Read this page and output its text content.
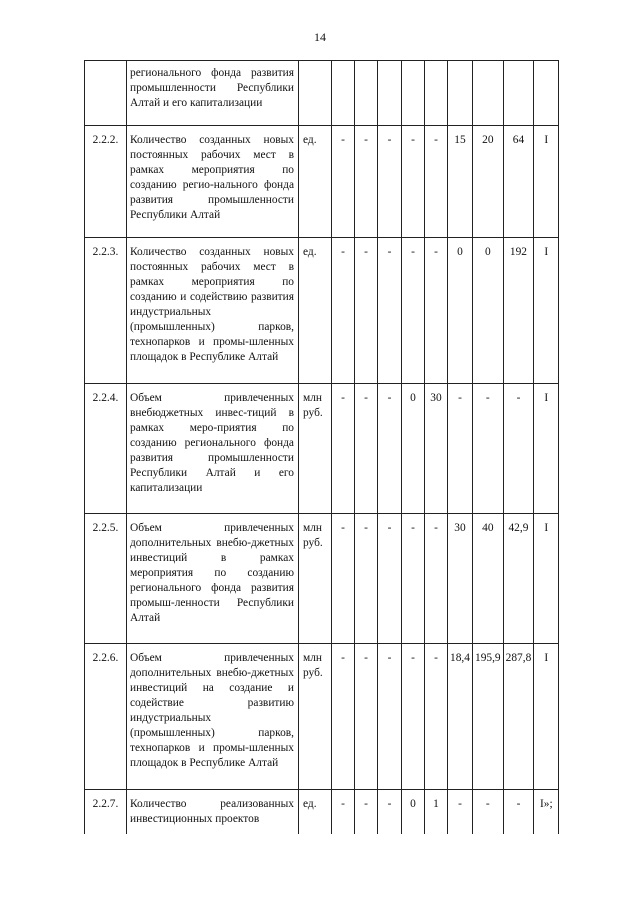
14
	регионального фонда развития промышленности Республики Алтай и его капитализации										
2.2.2.	Количество созданных новых постоянных рабочих мест в рамках мероприятия по созданию регио-нального фонда развития промышленности Республики Алтай	ед.	-	-	-	-	-	15	20	64	I
2.2.3.	Количество созданных новых постоянных рабочих мест в рамках мероприятия по созданию и содействию развития индустриальных (промышленных) парков, технопарков и промы-шленных площадок в Республике Алтай	ед.	-	-	-	-	-	0	0	192	I
2.2.4.	Объем привлеченных внебюджетных инвес-тиций в рамках меро-приятия по созданию регионального фонда развития промышленности Республики Алтай и его капитализации	млн руб.	-	-	-	0	30	-	-	-	I
2.2.5.	Объем привлеченных дополнительных внебю-джетных инвестиций в рамках мероприятия по созданию регионального фонда развития промыш-ленности Республики Алтай	млн руб.	-	-	-	-	-	30	40	42,9	I
2.2.6.	Объем привлеченных дополнительных внебю-джетных инвестиций на создание и содействие развитию индустриальных (промышленных) парков, технопарков и промы-шленных площадок в Республике Алтай	млн руб.	-	-	-	-	-	18,4	195,9	287,8	I
2.2.7.	Количество реализованных инвестиционных проектов	ед.	-	-	-	0	1	-	-	-	I»;
